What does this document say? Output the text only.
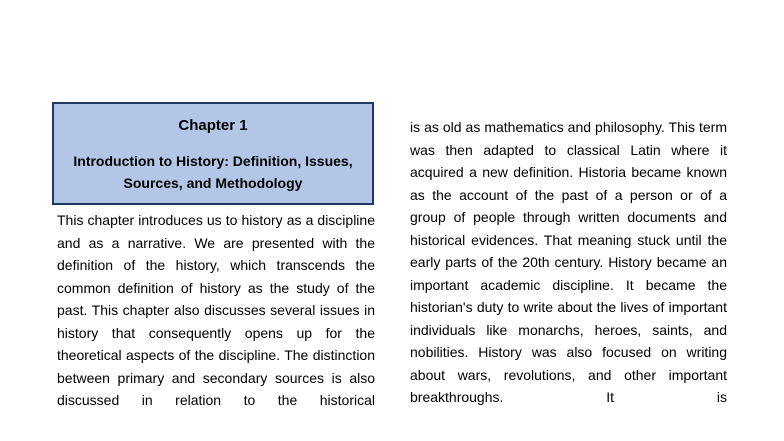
Chapter 1
Introduction to History: Definition, Issues, Sources, and Methodology

This chapter introduces us to history as a discipline and as a narrative. We are presented with the definition of the history, which transcends the common definition of history as the study of the past. This chapter also discusses several issues in history that consequently opens up for the theoretical aspects of the discipline. The distinction between primary and secondary sources is also discussed in relation to the historical

is as old as mathematics and philosophy. This term was then adapted to classical Latin where it acquired a new definition. Historia became known as the account of the past of a person or of a group of people through written documents and historical evidences. That meaning stuck until the early parts of the 20th century. History became an important academic discipline. It became the historian's duty to write about the lives of important individuals like monarchs, heroes, saints, and nobilities. History was also focused on writing about wars, revolutions, and other important breakthroughs. It is
